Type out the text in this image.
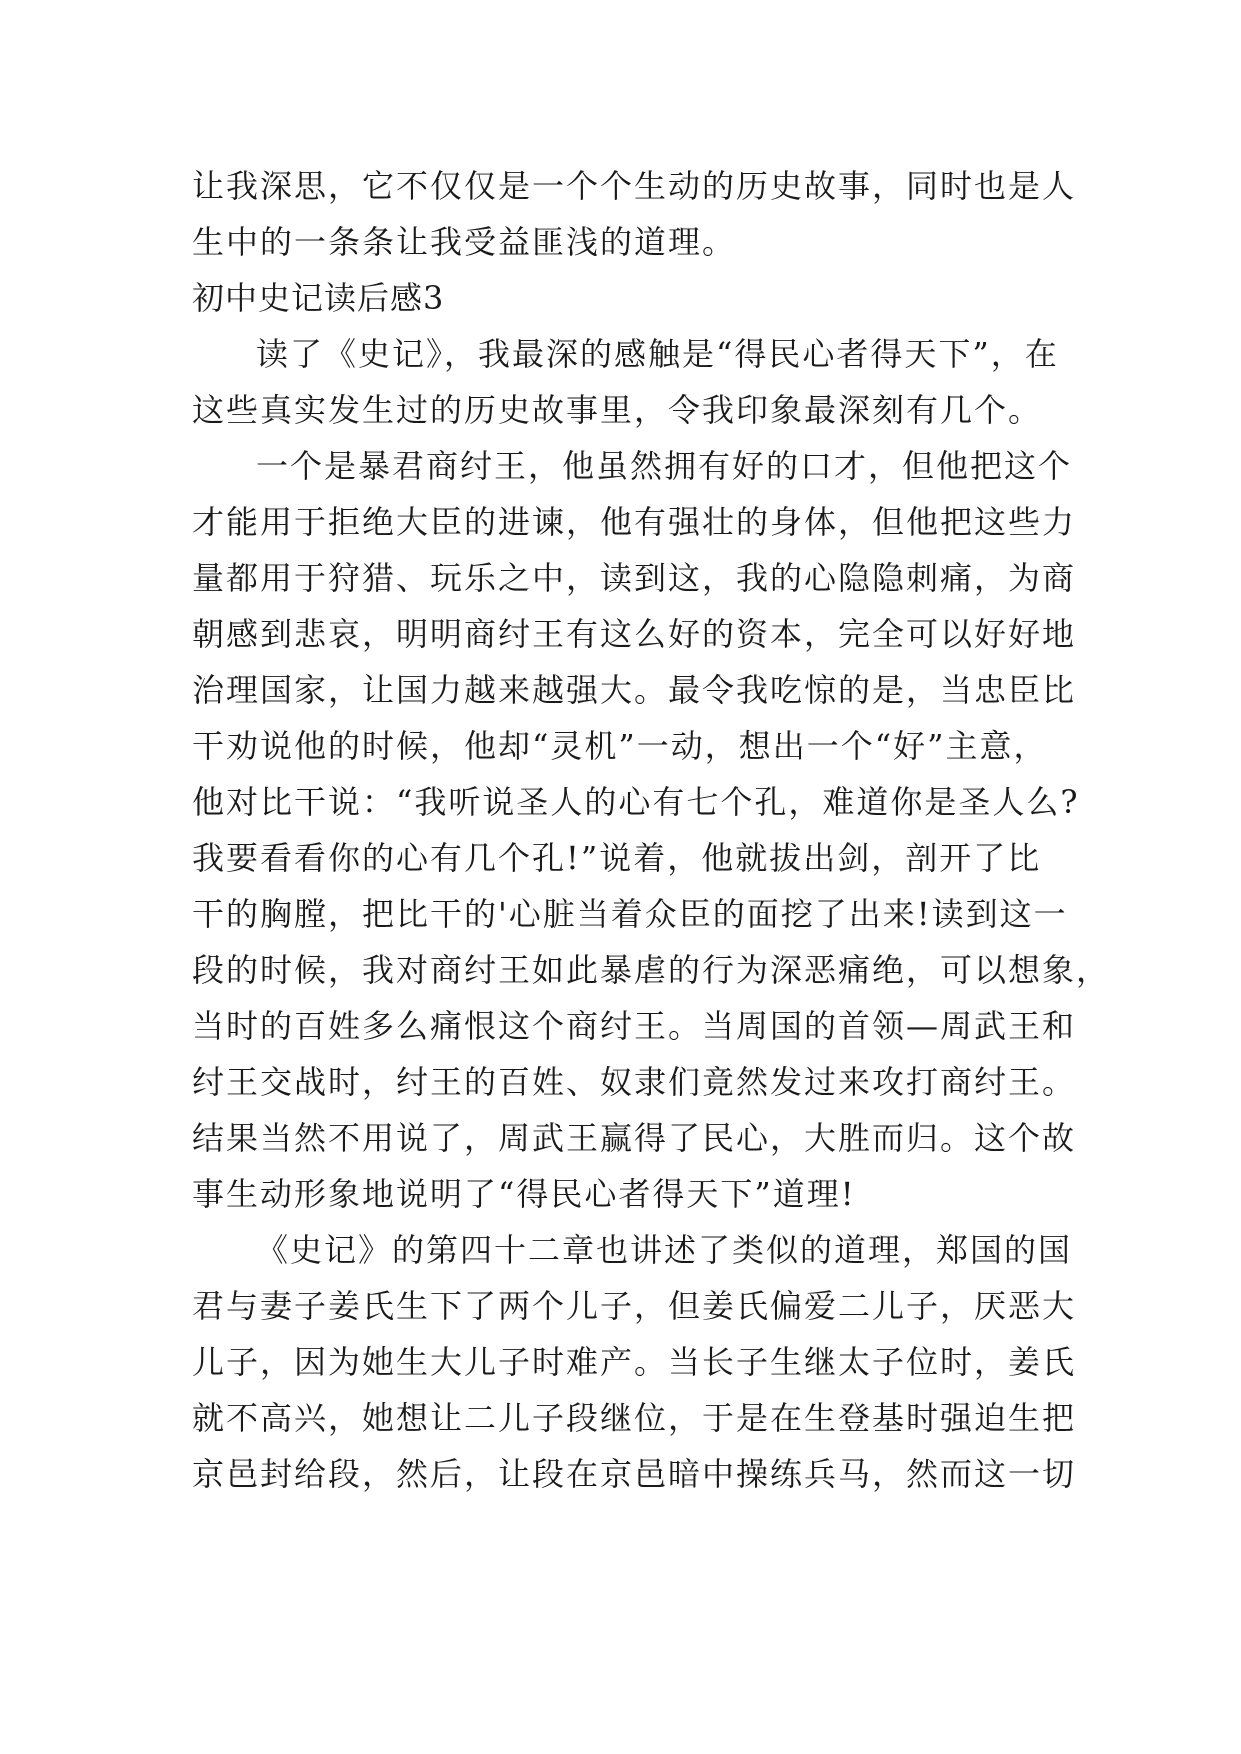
让我深思，它不仅仅是一个个生动的历史故事，同时也是人
生中的一条条让我受益匪浅的道理。
初中史记读后感3
读了《史记》，我最深的感触是“得民心者得天下”，在
这些真实发生过的历史故事里，令我印象最深刻有几个。
一个是暴君商纣王，他虽然拥有好的口才，但他把这个
才能用于拒绝大臣的进谏，他有强壮的身体，但他把这些力
量都用于狩猎、玩乐之中，读到这，我的心隐隐刺痛，为商
朝感到悲哀，明明商纣王有这么好的资本，完全可以好好地
治理国家，让国力越来越强大。最令我吃惊的是，当忠臣比
干劝说他的时候，他却“灵机”一动，想出一个“好”主意，
他对比干说：“我听说圣人的心有七个孔，难道你是圣人么?
我要看看你的心有几个孔!”说着，他就拔出剑，剖开了比
干的胸膛，把比干的'心脏当着众臣的面挖了出来!读到这一
段的时候，我对商纣王如此暴虐的行为深恶痛绝，可以想象，
当时的百姓多么痛恨这个商纣王。当周国的首领—周武王和
纣王交战时，纣王的百姓、奴隶们竟然发过来攻打商纣王。
结果当然不用说了，周武王赢得了民心，大胜而归。这个故
事生动形象地说明了“得民心者得天下”道理!
《史记》的第四十二章也讲述了类似的道理，郑国的国
君与妻子姜氏生下了两个儿子，但姜氏偏爱二儿子，厌恶大
儿子，因为她生大儿子时难产。当长子生继太子位时，姜氏
就不高兴，她想让二儿子段继位，于是在生登基时强迫生把
京邑封给段，然后，让段在京邑暗中操练兵马，然而这一切
